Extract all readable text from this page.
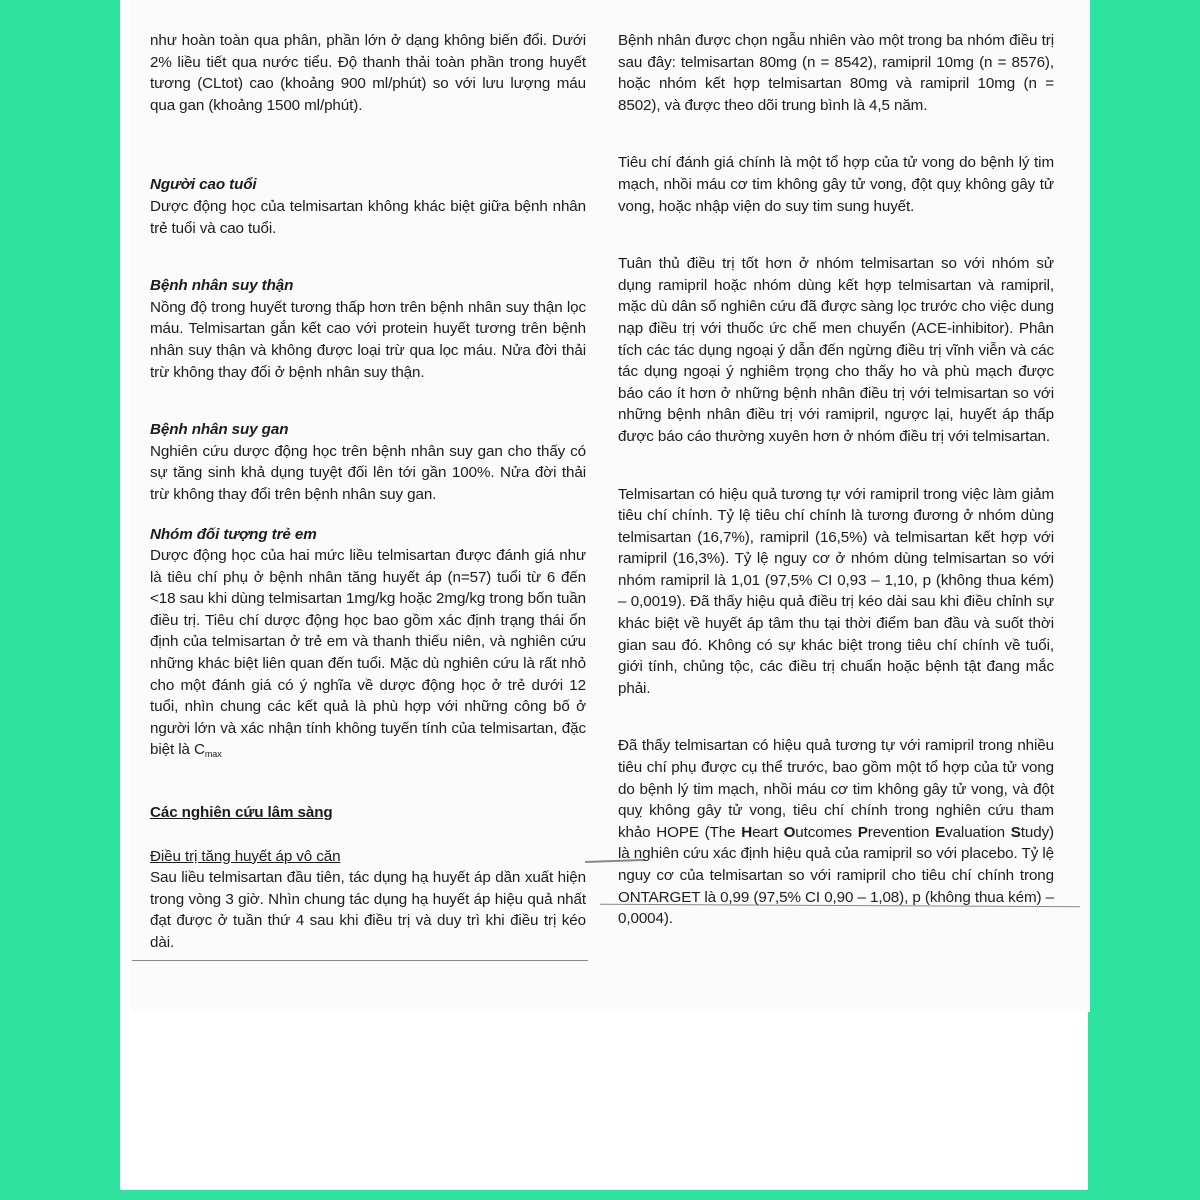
như hoàn toàn qua phân, phần lớn ở dạng không biến đổi. Dưới 2% liều tiết qua nước tiểu. Độ thanh thải toàn phần trong huyết tương (CLtot) cao (khoảng 900 ml/phút) so với lưu lượng máu qua gan (khoảng 1500 ml/phút).

Người cao tuổi

Dược động học của telmisartan không khác biệt giữa bệnh nhân trẻ tuổi và cao tuổi.

Bệnh nhân suy thận

Nồng độ trong huyết tương thấp hơn trên bệnh nhân suy thận lọc máu. Telmisartan gắn kết cao với protein huyết tương trên bệnh nhân suy thận và không được loại trừ qua lọc máu. Nửa đời thải trừ không thay đổi ở bệnh nhân suy thận.

Bệnh nhân suy gan

Nghiên cứu dược động học trên bệnh nhân suy gan cho thấy có sự tăng sinh khả dụng tuyệt đối lên tới gần 100%. Nửa đời thải trừ không thay đổi trên bệnh nhân suy gan.

Nhóm đối tượng trẻ em

Dược động học của hai mức liều telmisartan được đánh giá như là tiêu chí phụ ở bệnh nhân tăng huyết áp (n=57) tuổi từ 6 đến <18 sau khi dùng telmisartan 1mg/kg hoặc 2mg/kg trong bốn tuần điều trị. Tiêu chí dược động học bao gồm xác định trạng thái ổn định của telmisartan ở trẻ em và thanh thiếu niên, và nghiên cứu những khác biệt liên quan đến tuổi. Mặc dù nghiên cứu là rất nhỏ cho một đánh giá có ý nghĩa về dược động học ở trẻ dưới 12 tuổi, nhìn chung các kết quả là phù hợp với những công bố ở người lớn và xác nhận tính không tuyến tính của telmisartan, đặc biệt là $C_{max}$

Các nghiên cứu lâm sàng

Điều trị tăng huyết áp vô căn

Sau liều telmisartan đầu tiên, tác dụng hạ huyết áp dần xuất hiện trong vòng 3 giờ. Nhìn chung tác dụng hạ huyết áp hiệu quả nhất đạt được ở tuần thứ 4 sau khi điều trị và duy trì khi điều trị kéo dài.

Bệnh nhân được chọn ngẫu nhiên vào một trong ba nhóm điều trị sau đây: telmisartan 80mg (n = 8542), ramipril 10mg (n = 8576), hoặc nhóm kết hợp telmisartan 80mg và ramipril 10mg (n = 8502), và được theo dõi trung bình là 4,5 năm.

Tiêu chí đánh giá chính là một tổ hợp của tử vong do bệnh lý tim mạch, nhồi máu cơ tim không gây tử vong, đột quỵ không gây tử vong, hoặc nhập viện do suy tim sung huyết.

Tuân thủ điều trị tốt hơn ở nhóm telmisartan so với nhóm sử dụng ramipril hoặc nhóm dùng kết hợp telmisartan và ramipril, mặc dù dân số nghiên cứu đã được sàng lọc trước cho việc dung nạp điều trị với thuốc ức chế men chuyển (ACE-inhibitor). Phân tích các tác dụng ngoại ý dẫn đến ngừng điều trị vĩnh viễn và các tác dụng ngoại ý nghiêm trọng cho thấy ho và phù mạch được báo cáo ít hơn ở những bệnh nhân điều trị với telmisartan so với những bệnh nhân điều trị với ramipril, ngược lại, huyết áp thấp được báo cáo thường xuyên hơn ở nhóm điều trị với telmisartan.

Telmisartan có hiệu quả tương tự với ramipril trong việc làm giảm tiêu chí chính. Tỷ lệ tiêu chí chính là tương đương ở nhóm dùng telmisartan (16,7%), ramipril (16,5%) và telmisartan kết hợp với ramipril (16,3%). Tỷ lệ nguy cơ ở nhóm dùng telmisartan so với nhóm ramipril là 1,01 (97,5% CI 0,93 – 1,10, p (không thua kém) – 0,0019). Đã thấy hiệu quả điều trị kéo dài sau khi điều chỉnh sự khác biệt về huyết áp tâm thu tại thời điểm ban đầu và suốt thời gian sau đó. Không có sự khác biệt trong tiêu chí chính về tuổi, giới tính, chủng tộc, các điều trị chuẩn hoặc bệnh tật đang mắc phải.

Đã thấy telmisartan có hiệu quả tương tự với ramipril trong nhiều tiêu chí phụ được cụ thể trước, bao gồm một tổ hợp của tử vong do bệnh lý tim mạch, nhồi máu cơ tim không gây tử vong, và đột quỵ không gây tử vong, tiêu chí chính trong nghiên cứu tham khảo HOPE (The Heart Outcomes Prevention Evaluation Study) là nghiên cứu xác định hiệu quả của ramipril so với placebo. Tỷ lệ nguy cơ của telmisartan so với ramipril cho tiêu chí chính trong ONTARGET là 0,99 (97,5% CI 0,90 – 1,08), p (không thua kém) – 0,0004).
